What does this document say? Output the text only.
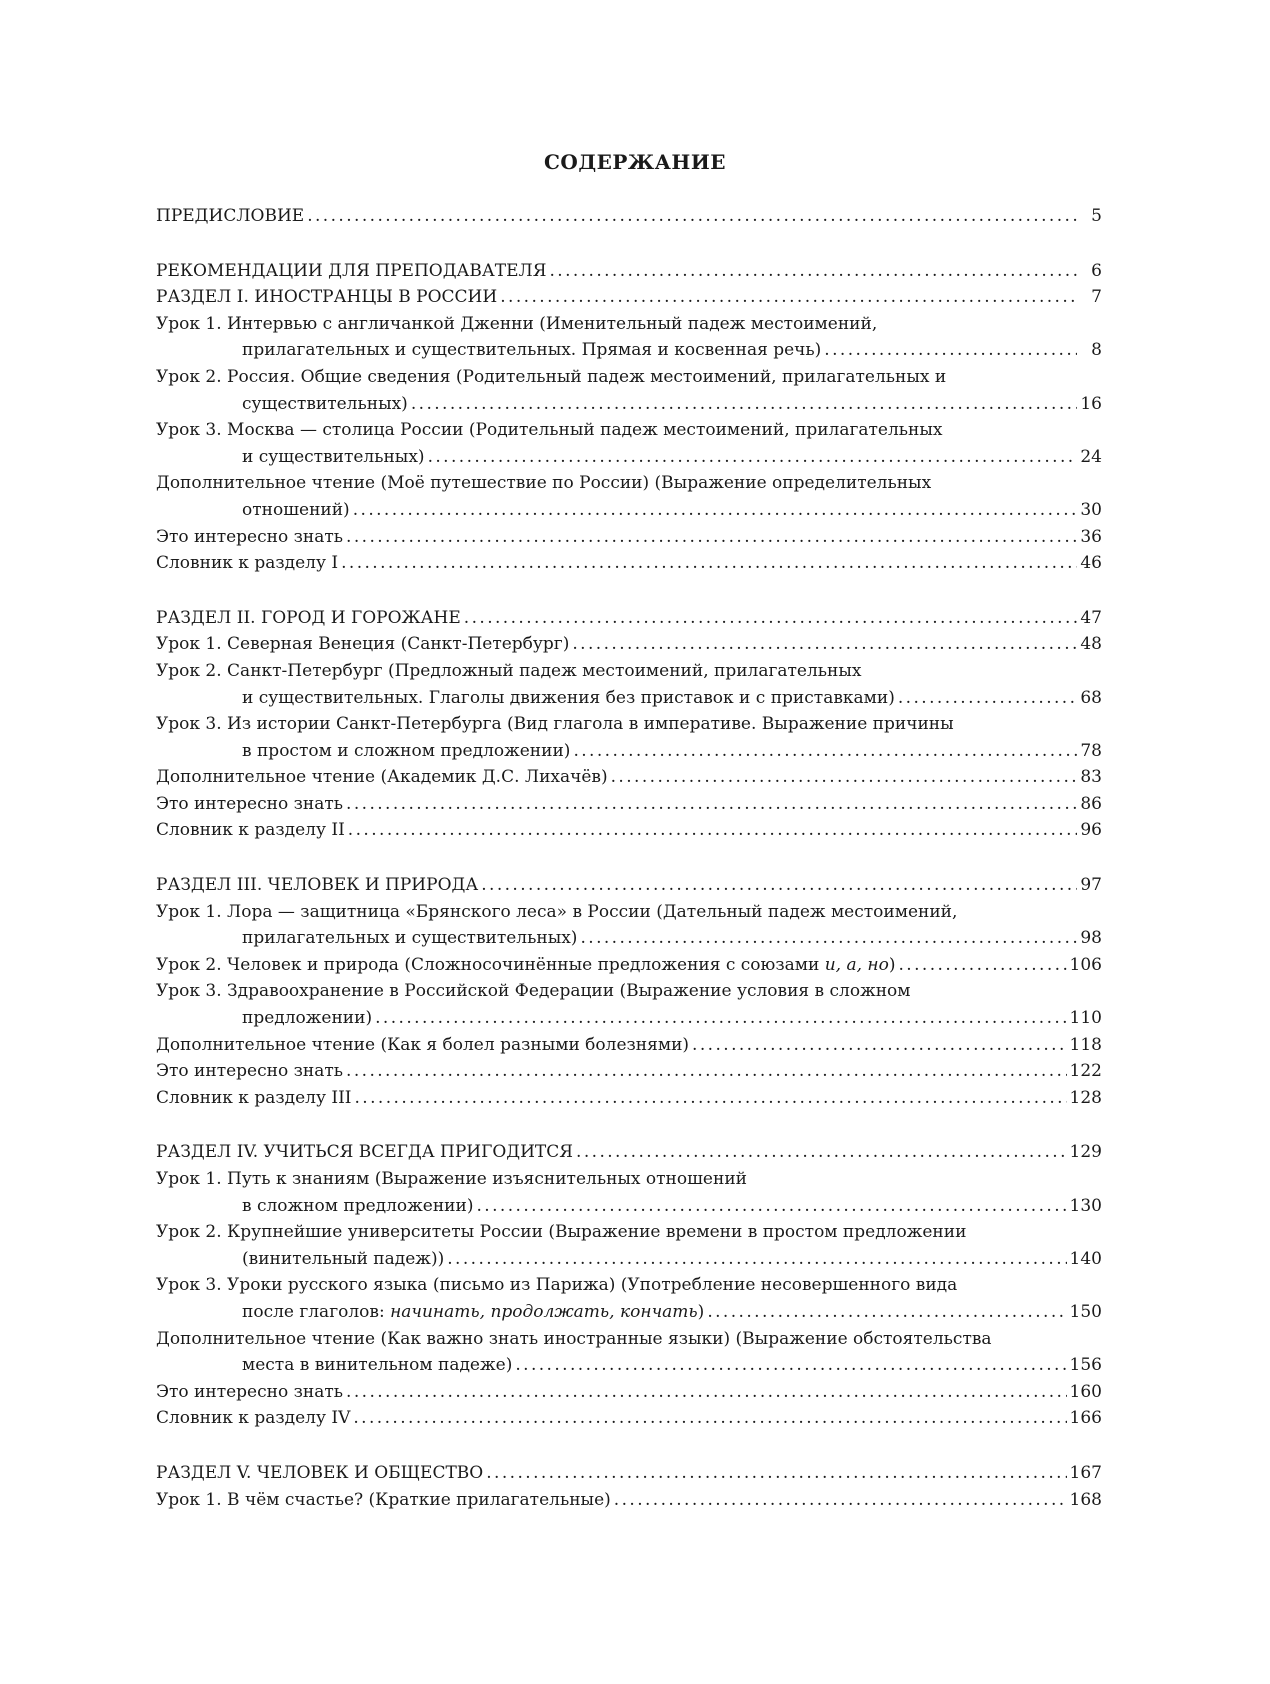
СОДЕРЖАНИЕ
ПРЕДИСЛОВИЕ . . .	5
РЕКОМЕНДАЦИИ ДЛЯ ПРЕПОДАВАТЕЛЯ . . .	6
РАЗДЕЛ I. ИНОСТРАНЦЫ В РОССИИ . . .	7
Урок 1. Интервью с англичанкой Дженни (Именительный падеж местоимений,
прилагательных и существительных. Прямая и косвенная речь) . . .	8
Урок 2. Россия. Общие сведения (Родительный падеж местоимений, прилагательных и
существительных) . . .	16
Урок 3. Москва — столица России (Родительный падеж местоимений, прилагательных
и существительных) . . .	24
Дополнительное чтение (Моё путешествие по России) (Выражение определительных
отношений) . . .	30
Это интересно знать . . .	36
Словник к разделу I . . .	46
РАЗДЕЛ II. ГОРОД И ГОРОЖАНЕ . . .	47
Урок 1. Северная Венеция (Санкт-Петербург) . . .	48
Урок 2. Санкт-Петербург (Предложный падеж местоимений, прилагательных
и существительных. Глаголы движения без приставок и с приставками) . . .	68
Урок 3. Из истории Санкт-Петербурга (Вид глагола в императиве. Выражение причины
в простом и сложном предложении) . . .	78
Дополнительное чтение (Академик Д.С. Лихачёв) . . .	83
Это интересно знать . . .	86
Словник к разделу II . . .	96
РАЗДЕЛ III. ЧЕЛОВЕК И ПРИРОДА . . .	97
Урок 1. Лора — защитница «Брянского леса» в России (Дательный падеж местоимений,
прилагательных и существительных) . . .	98
Урок 2. Человек и природа (Сложносочинённые предложения с союзами и, а, но) . . .	106
Урок 3. Здравоохранение в Российской Федерации (Выражение условия в сложном
предложении) . . .	110
Дополнительное чтение (Как я болел разными болезнями) . . .	118
Это интересно знать . . .	122
Словник к разделу III . . .	128
РАЗДЕЛ IV. УЧИТЬСЯ ВСЕГДА ПРИГОДИТСЯ . . .	129
Урок 1. Путь к знаниям (Выражение изъяснительных отношений
в сложном предложении) . . .	130
Урок 2. Крупнейшие университеты России (Выражение времени в простом предложении
(винительный падеж)) . . .	140
Урок 3. Уроки русского языка (письмо из Парижа) (Употребление несовершенного вида
после глаголов: начинать, продолжать, кончать) . . .	150
Дополнительное чтение (Как важно знать иностранные языки) (Выражение обстоятельства
места в винительном падеже) . . .	156
Это интересно знать . . .	160
Словник к разделу IV . . .	166
РАЗДЕЛ V. ЧЕЛОВЕК И ОБЩЕСТВО . . .	167
Урок 1. В чём счастье? (Краткие прилагательные) . . .	168
